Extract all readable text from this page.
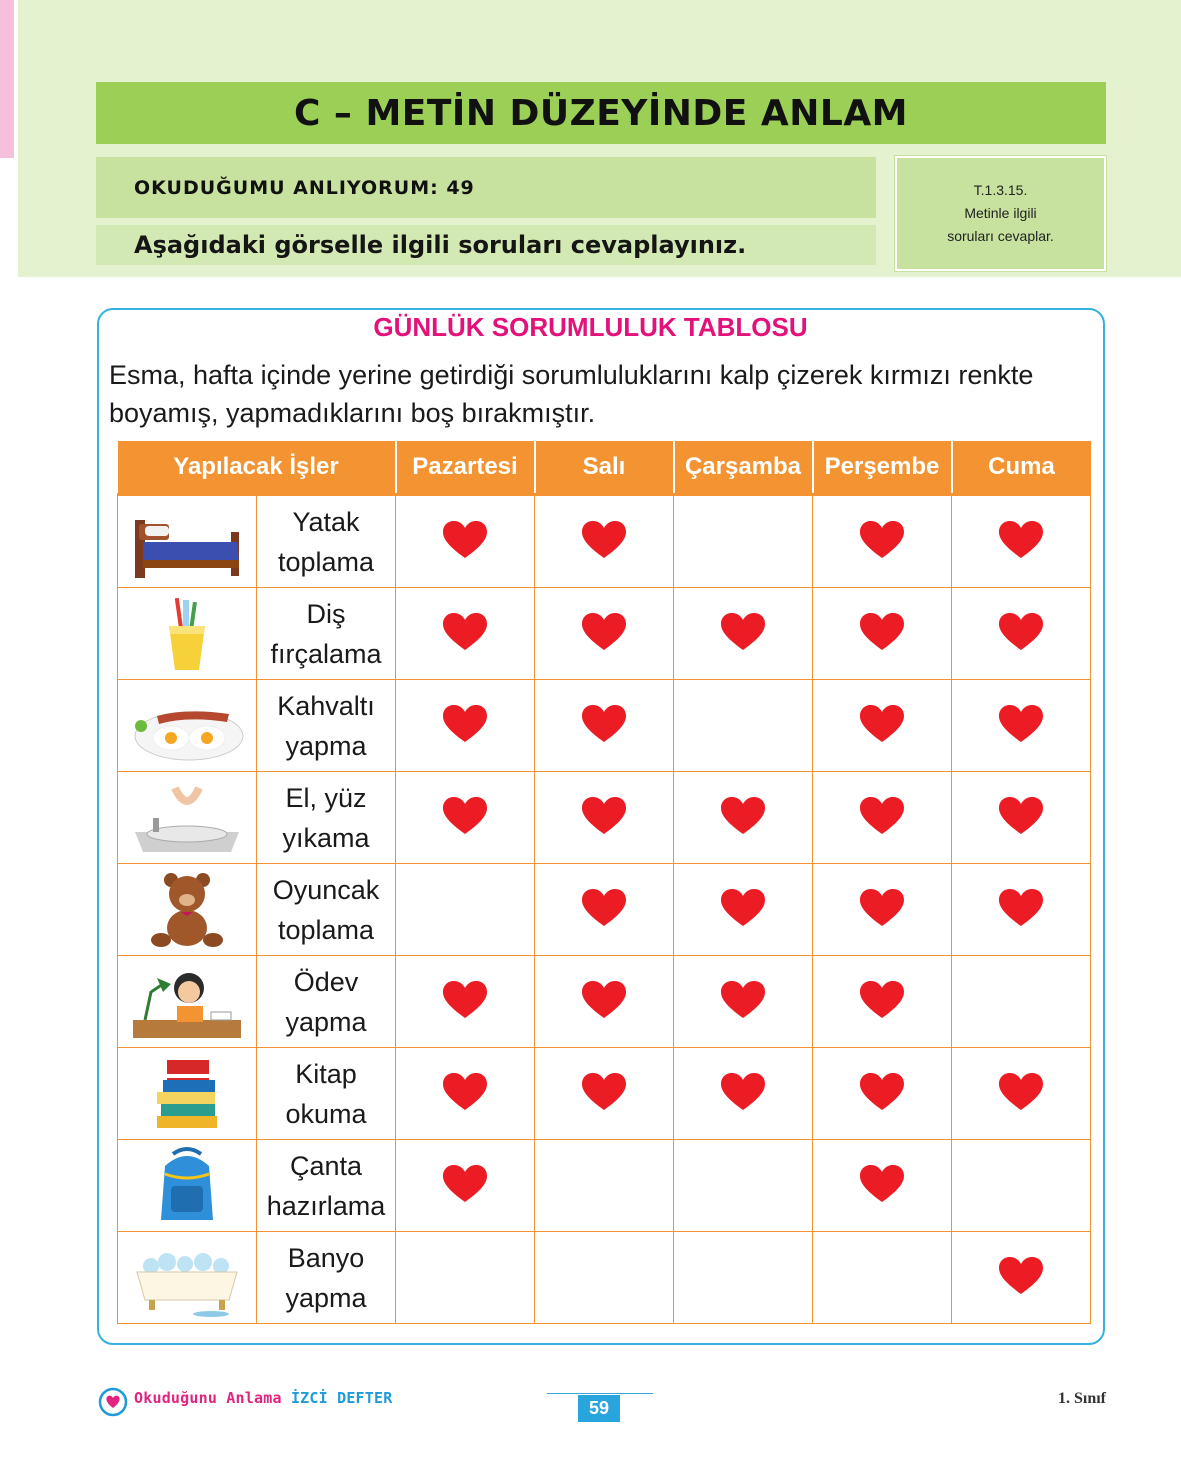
C – METİN DÜZEYİNDE ANLAM
OKUDUĞUMU ANLIYORUM: 49
Aşağıdaki görselle ilgili soruları cevaplayınız.
T.1.3.15.
Metinle ilgili
soruları cevaplar.
GÜNLÜK SORUMLULUK TABLOSU
Esma, hafta içinde yerine getirdiği sorumluluklarını kalp çizerek kırmızı renkte boyamış, yapmadıklarını boş bırakmıştır.
Yapılacak İşler		Pazartesi	Salı	Çarşamba	Perşembe	Cuma

Yatak
toplama

Diş
fırçalama

Kahvaltı
yapma

El, yüz
yıkama

Oyuncak
toplama

Ödev
yapma

Kitap
okuma

Çanta
hazırlama

Banyo
yapma

Okuduğunu Anlama İZCİ DEFTER	59	1. Sınıf
